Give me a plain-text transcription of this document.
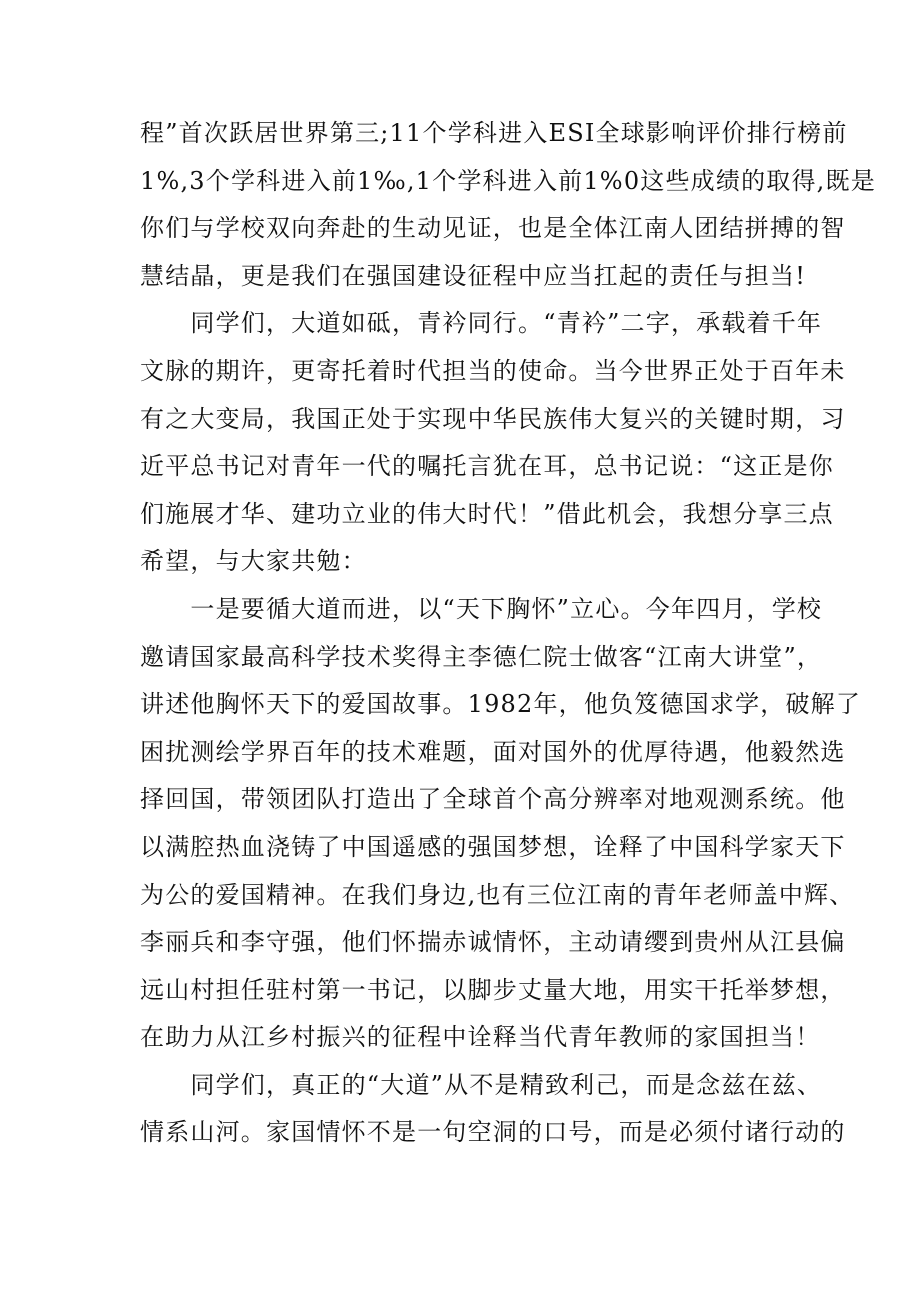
程”首次跃居世界第三;11个学科进入ESI全球影响评价排行榜前
1%,3个学科进入前1‰,1个学科进入前1%0这些成绩的取得,既是
你们与学校双向奔赴的生动见证，也是全体江南人团结拼搏的智
慧结晶，更是我们在强国建设征程中应当扛起的责任与担当!
　　同学们，大道如砥，青衿同行。“青衿”二字，承载着千年
文脉的期许，更寄托着时代担当的使命。当今世界正处于百年未
有之大变局，我国正处于实现中华民族伟大复兴的关键时期，习
近平总书记对青年一代的嘱托言犹在耳，总书记说：“这正是你
们施展才华、建功立业的伟大时代！”借此机会，我想分享三点
希望，与大家共勉：
　　一是要循大道而进，以“天下胸怀”立心。今年四月，学校
邀请国家最高科学技术奖得主李德仁院士做客“江南大讲堂”，
讲述他胸怀天下的爱国故事。1982年，他负笈德国求学，破解了
困扰测绘学界百年的技术难题，面对国外的优厚待遇，他毅然选
择回国，带领团队打造出了全球首个高分辨率对地观测系统。他
以满腔热血浇铸了中国遥感的强国梦想，诠释了中国科学家天下
为公的爱国精神。在我们身边,也有三位江南的青年老师盖中辉、
李丽兵和李守强，他们怀揣赤诚情怀，主动请缨到贵州从江县偏
远山村担任驻村第一书记，以脚步丈量大地，用实干托举梦想，
在助力从江乡村振兴的征程中诠释当代青年教师的家国担当！
　　同学们，真正的“大道”从不是精致利己，而是念兹在兹、
情系山河。家国情怀不是一句空洞的口号，而是必须付诸行动的
